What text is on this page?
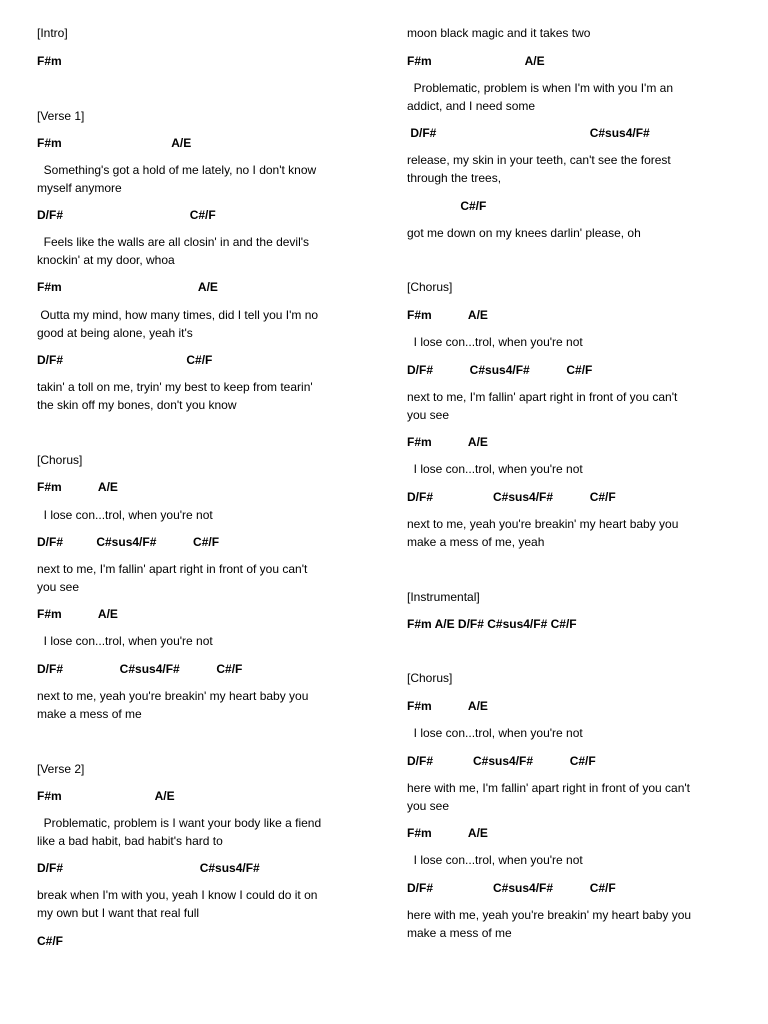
[Intro]
F#m
[Verse 1]
F#m                                 A/E
Something's got a hold of me lately, no I don't know
myself anymore
D/F#                                      C#/F
Feels like the walls are all closin' in and the devil's
knockin' at my door, whoa
F#m                                         A/E
Outta my mind, how many times, did I tell you I'm no
good at being alone, yeah it's
D/F#                                     C#/F
takin' a toll on me, tryin' my best to keep from tearin'
the skin off my bones, don't you know
[Chorus]
F#m           A/E
I lose con...trol, when you're not
D/F#          C#sus4/F#           C#/F
next to me, I'm fallin' apart right in front of you can't
you see
F#m           A/E
I lose con...trol, when you're not
D/F#                 C#sus4/F#           C#/F
next to me, yeah you're breakin' my heart baby you
make a mess of me
[Verse 2]
F#m                            A/E
Problematic, problem is I want your body like a fiend
like a bad habit, bad habit's hard to
D/F#                                         C#sus4/F#
break when I'm with you, yeah I know I could do it on
my own but I want that real full
C#/F
moon black magic and it takes two
F#m                            A/E
Problematic, problem is when I'm with you I'm an
addict, and I need some
D/F#                                              C#sus4/F#
release, my skin in your teeth, can't see the forest
through the trees,
C#/F
got me down on my knees darlin' please, oh
[Chorus]
F#m           A/E
I lose con...trol, when you're not
D/F#           C#sus4/F#           C#/F
next to me, I'm fallin' apart right in front of you can't
you see
F#m           A/E
I lose con...trol, when you're not
D/F#                  C#sus4/F#           C#/F
next to me, yeah you're breakin' my heart baby you
make a mess of me, yeah
[Instrumental]
F#m A/E D/F# C#sus4/F# C#/F
[Chorus]
F#m           A/E
I lose con...trol, when you're not
D/F#            C#sus4/F#           C#/F
here with me, I'm fallin' apart right in front of you can't
you see
F#m           A/E
I lose con...trol, when you're not
D/F#                  C#sus4/F#           C#/F
here with me, yeah you're breakin' my heart baby you
make a mess of me
